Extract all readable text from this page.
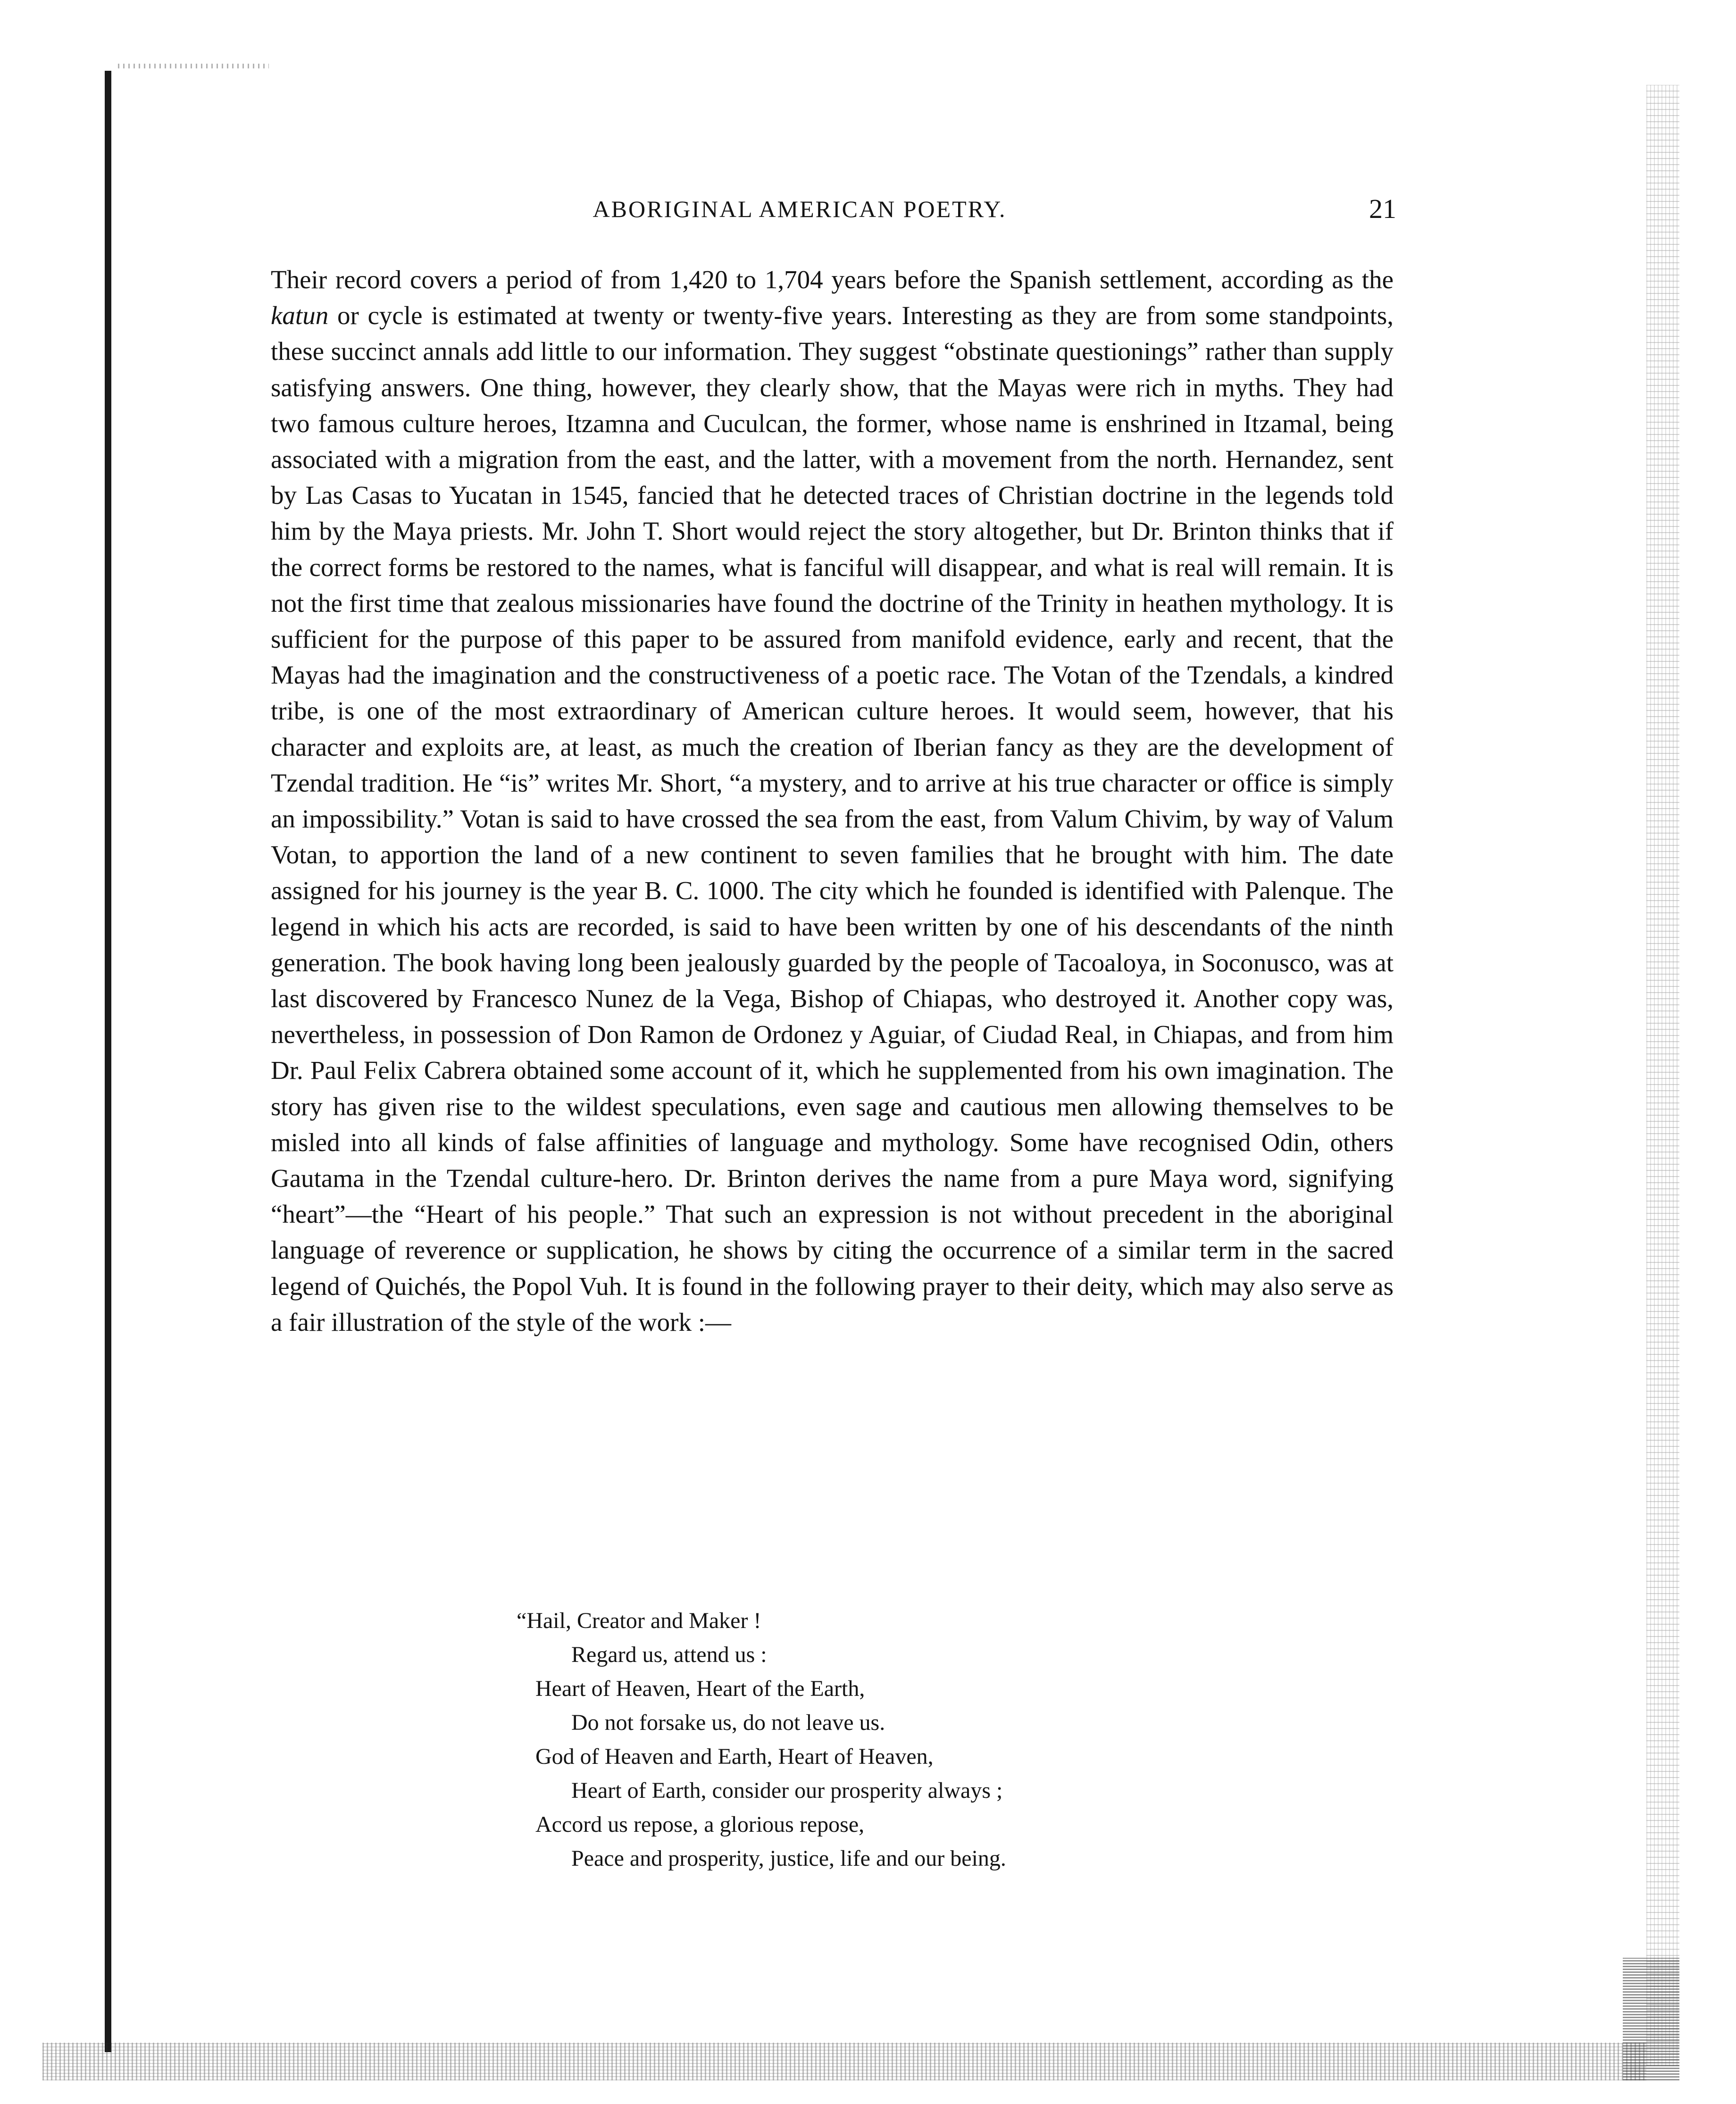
ABORIGINAL AMERICAN POETRY.	21

Their record covers a period of from 1,420 to 1,704 years before the Spanish settlement, according as the katun or cycle is estimated at twenty or twenty-five years. Interesting as they are from some standpoints, these succinct annals add little to our information. They suggest “obstinate questionings” rather than supply satisfying answers. One thing, however, they clearly show, that the Mayas were rich in myths. They had two famous culture heroes, Itzamna and Cuculcan, the former, whose name is enshrined in Itzamal, being associated with a migration from the east, and the latter, with a movement from the north. Hernandez, sent by Las Casas to Yucatan in 1545, fancied that he detected traces of Christian doctrine in the legends told him by the Maya priests. Mr. John T. Short would reject the story altogether, but Dr. Brinton thinks that if the correct forms be restored to the names, what is fanciful will disappear, and what is real will remain. It is not the first time that zealous missionaries have found the doctrine of the Trinity in heathen mythology. It is sufficient for the purpose of this paper to be assured from manifold evidence, early and recent, that the Mayas had the imagination and the constructiveness of a poetic race. The Votan of the Tzendals, a kindred tribe, is one of the most extraordinary of American culture heroes. It would seem, however, that his character and exploits are, at least, as much the creation of Iberian fancy as they are the development of Tzendal tradition. He “is” writes Mr. Short, “a mystery, and to arrive at his true character or office is simply an impossibility.” Votan is said to have crossed the sea from the east, from Valum Chivim, by way of Valum Votan, to apportion the land of a new continent to seven families that he brought with him. The date assigned for his journey is the year B. C. 1000. The city which he founded is identified with Palenque. The legend in which his acts are recorded, is said to have been written by one of his descendants of the ninth generation. The book having long been jealously guarded by the people of Tacoaloya, in Soconusco, was at last discovered by Francesco Nunez de la Vega, Bishop of Chiapas, who destroyed it. Another copy was, nevertheless, in possession of Don Ramon de Ordonez y Aguiar, of Ciudad Real, in Chiapas, and from him Dr. Paul Felix Cabrera obtained some account of it, which he supplemented from his own imagination. The story has given rise to the wildest speculations, even sage and cautious men allowing themselves to be misled into all kinds of false affinities of language and mythology. Some have recognised Odin, others Gautama in the Tzendal culture-hero. Dr. Brinton derives the name from a pure Maya word, signifying “heart”—the “Heart of his people.” That such an expression is not without precedent in the aboriginal language of reverence or supplication, he shows by citing the occurrence of a similar term in the sacred legend of Quichés, the Popol Vuh. It is found in the following prayer to their deity, which may also serve as a fair illustration of the style of the work :—

“Hail, Creator and Maker !
Regard us, attend us :
Heart of Heaven, Heart of the Earth,
Do not forsake us, do not leave us.
God of Heaven and Earth, Heart of Heaven,
Heart of Earth, consider our prosperity always ;
Accord us repose, a glorious repose,
Peace and prosperity, justice, life and our being.
